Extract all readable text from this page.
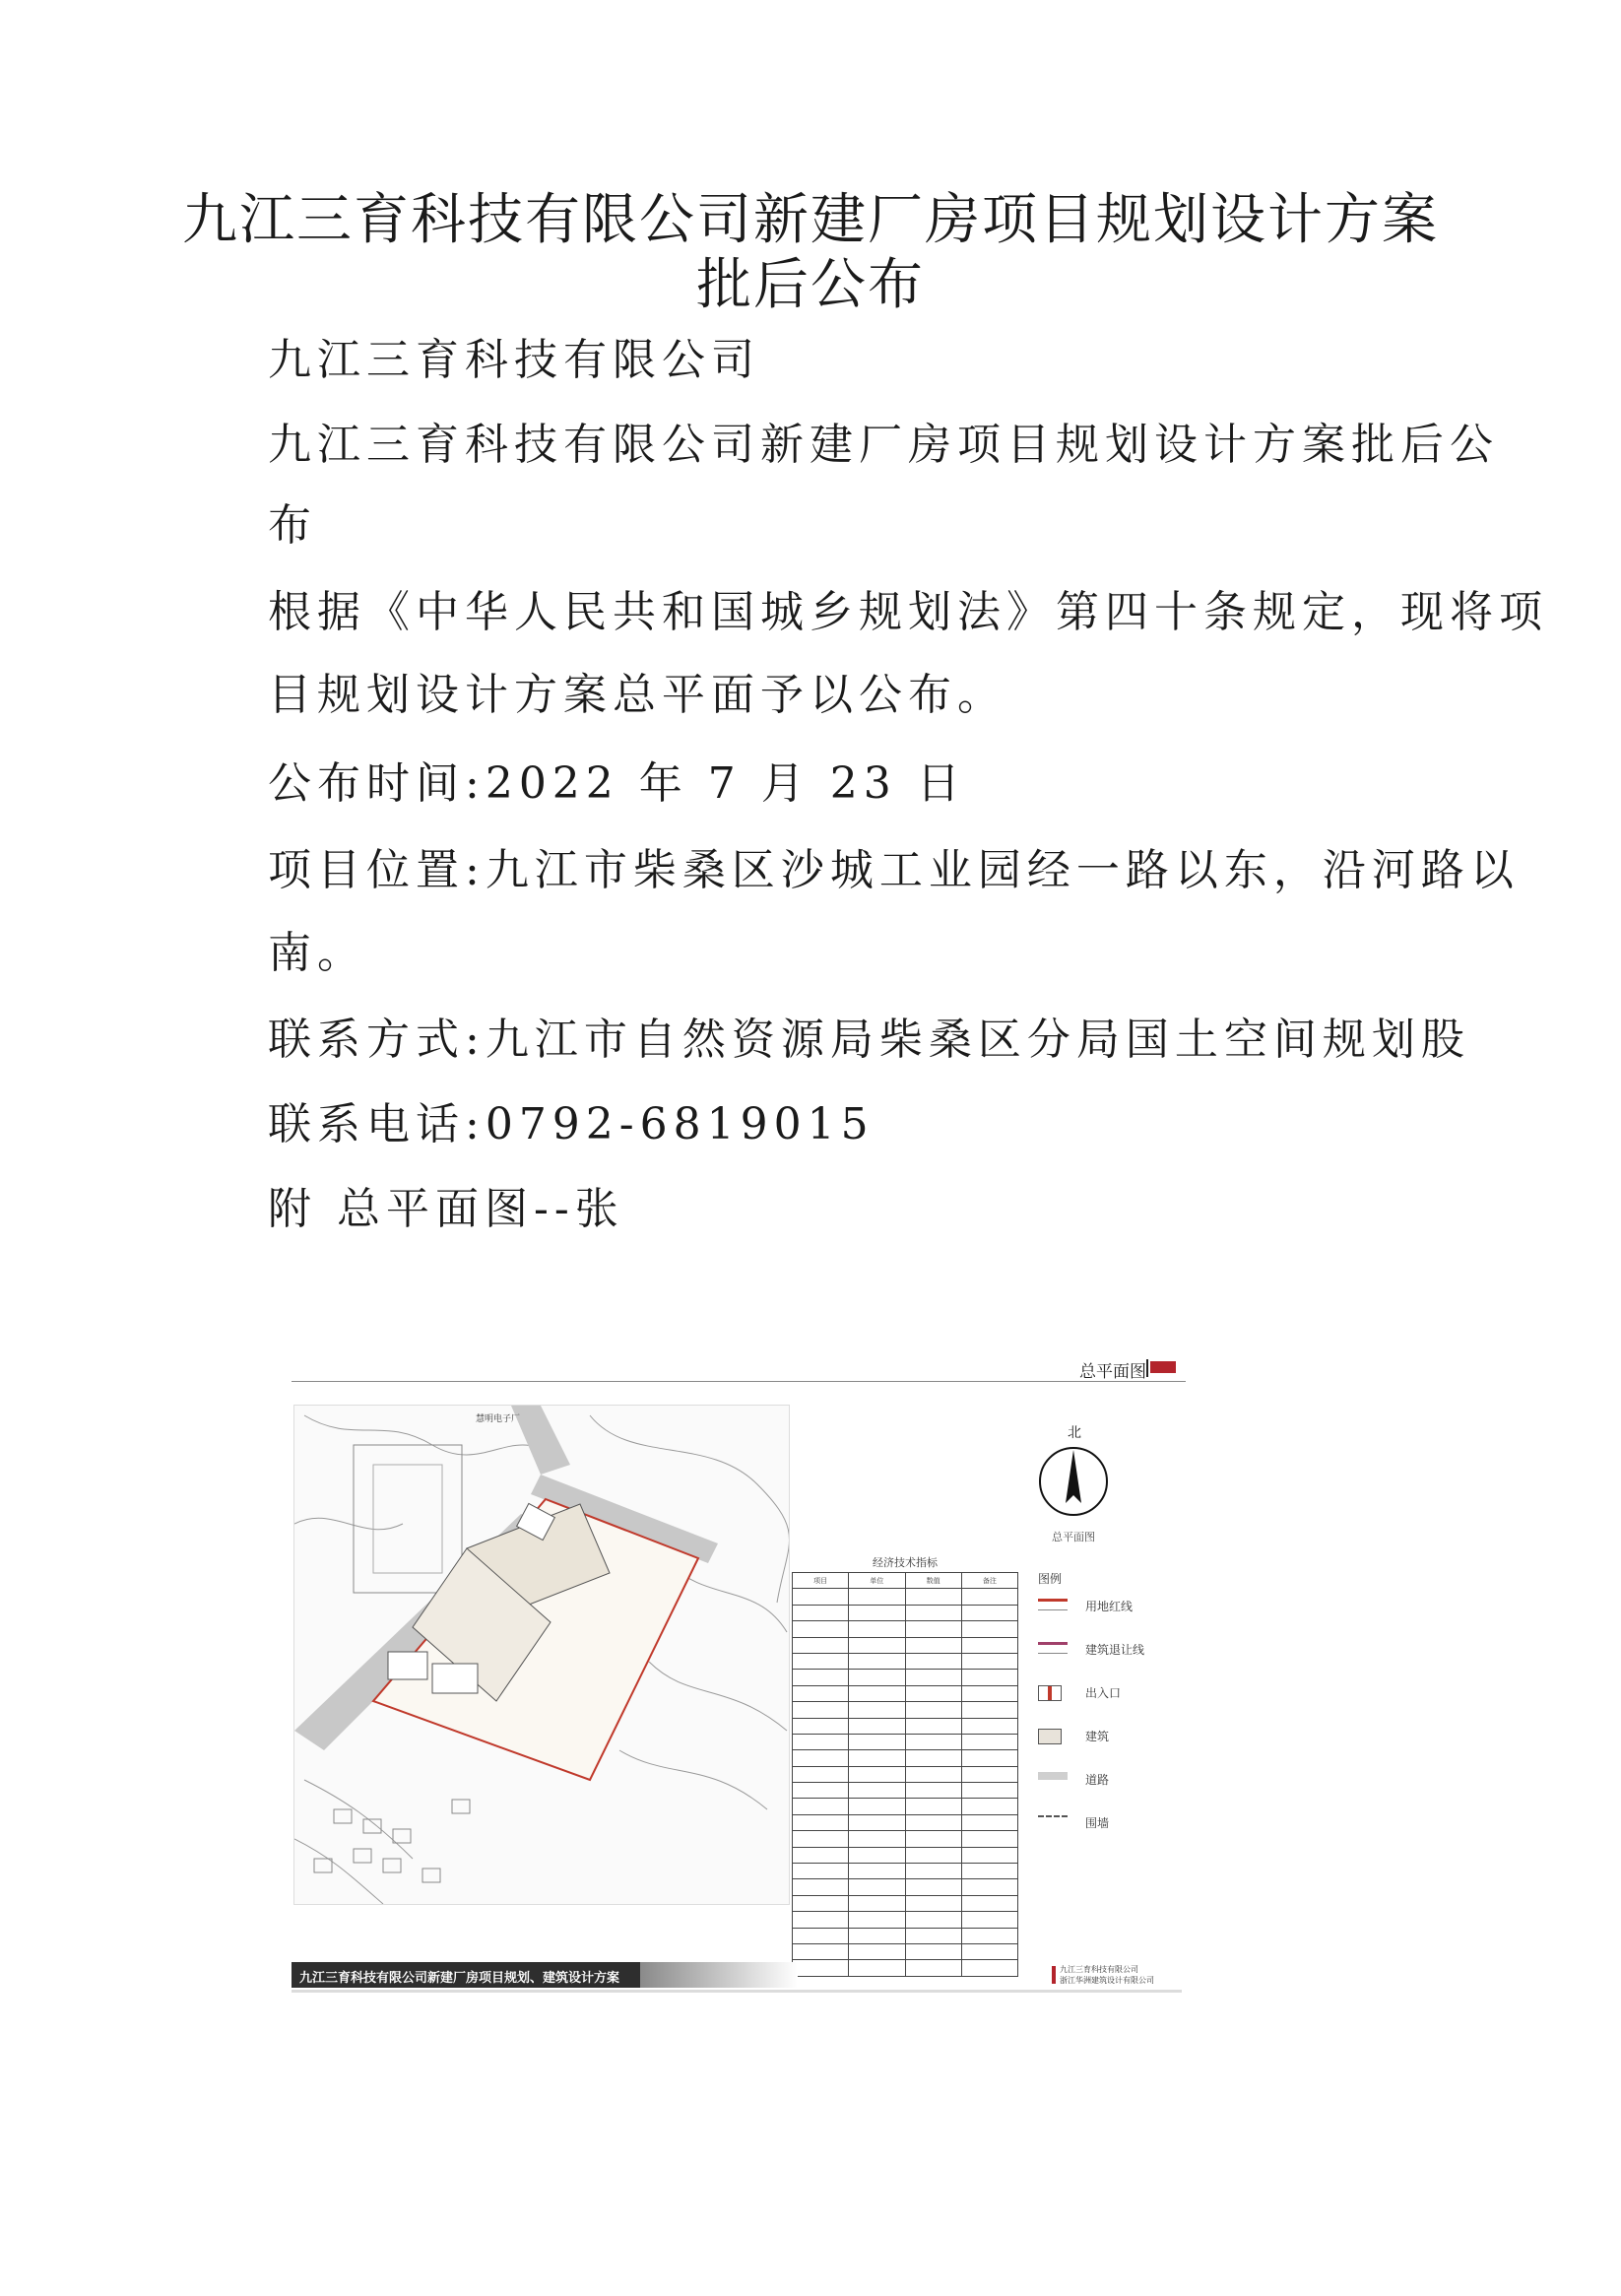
九江三育科技有限公司新建厂房项目规划设计方案
批后公布
九江三育科技有限公司
九江三育科技有限公司新建厂房项目规划设计方案批后公
布
根据《中华人民共和国城乡规划法》第四十条规定，现将项
目规划设计方案总平面予以公布。
公布时间:2022 年 7 月 23 日
项目位置:九江市柴桑区沙城工业园经一路以东，沿河路以
南。
联系方式:九江市自然资源局柴桑区分局国土空间规划股
联系电话:0792-6819015
附 总平面图--张
总平面图
慧明电子厂
北
总平面图
经济技术指标
项目	单位	数值	备注

				图例
用地红线
建筑退让线
出入口
建筑
道路
围墙
九江三育科技有限公司新建厂房项目规划、建筑设计方案
九江三育科技有限公司
浙江华洲建筑设计有限公司
